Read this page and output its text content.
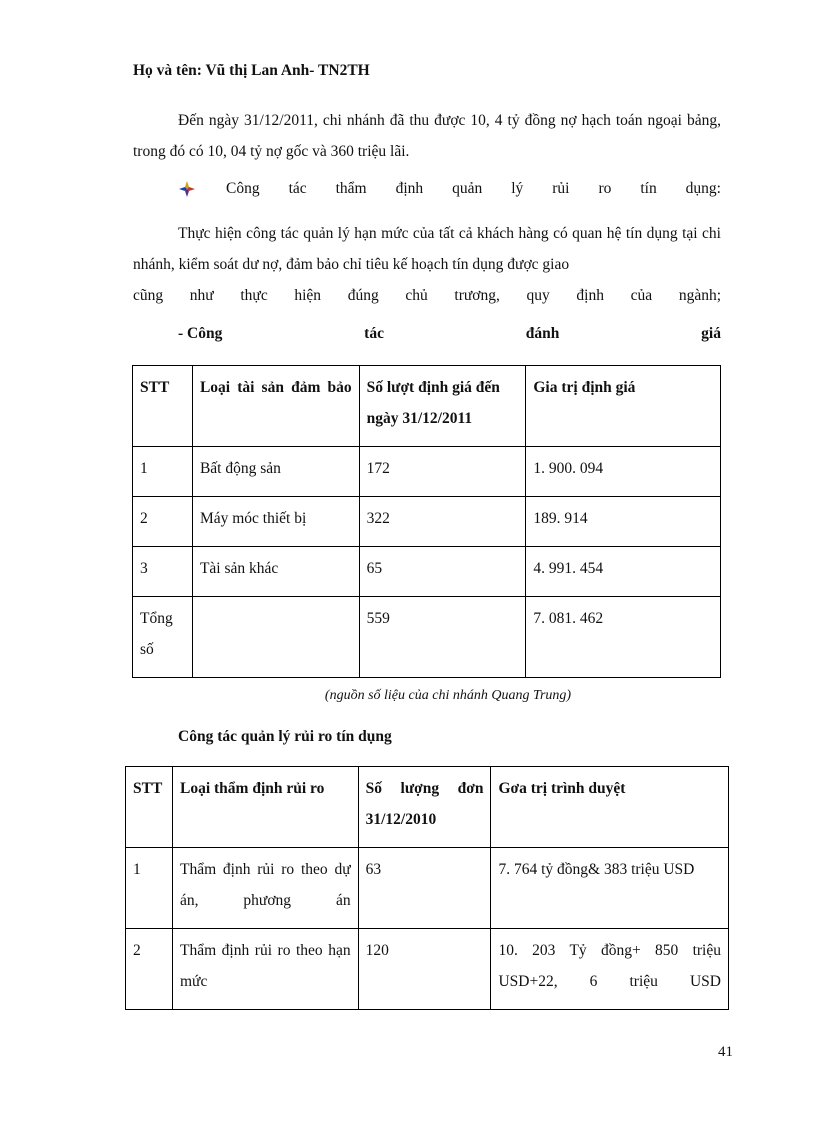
Họ và tên: Vũ thị Lan Anh- TN2TH
Đến ngày 31/12/2011, chi nhánh đã thu được 10, 4 tỷ đồng nợ hạch toán ngoại bảng, trong đó có 10, 04 tỷ nợ gốc và 360 triệu lãi.
Công tác thẩm định quản lý rủi ro tín dụng:
Thực hiện công tác quản lý hạn mức của tất cả khách hàng có quan hệ tín dụng tại chi nhánh, kiểm soát dư nợ, đảm bảo chỉ tiêu kế hoạch tín dụng được giao
cũng như thực hiện đúng chủ trương, quy định của ngành;
- Công	tác	đánh	giá
STT	Loại tài sản đảm bảo	Số lượt định giá đến ngày 31/12/2011	Gia trị định giá
1	Bất động sản	172	1. 900. 094
2	Máy móc thiết bị	322	189. 914
3	Tài sản khác	65	4. 991. 454
Tổng số		559	7. 081. 462
(nguồn số liệu của chi nhánh Quang Trung)
Công tác quản lý rủi ro tín dụng
STT	Loại thẩm định rủi ro	Số lượng đơn 31/12/2010	Gơa trị trình duyệt
1	Thẩm định rủi ro theo dự án, phương án	63	7. 764 tỷ đồng& 383 triệu USD
2	Thẩm định rủi ro theo hạn mức	120	10. 203 Tỷ đồng+ 850 triệu USD+22, 6 triệu USD
41
